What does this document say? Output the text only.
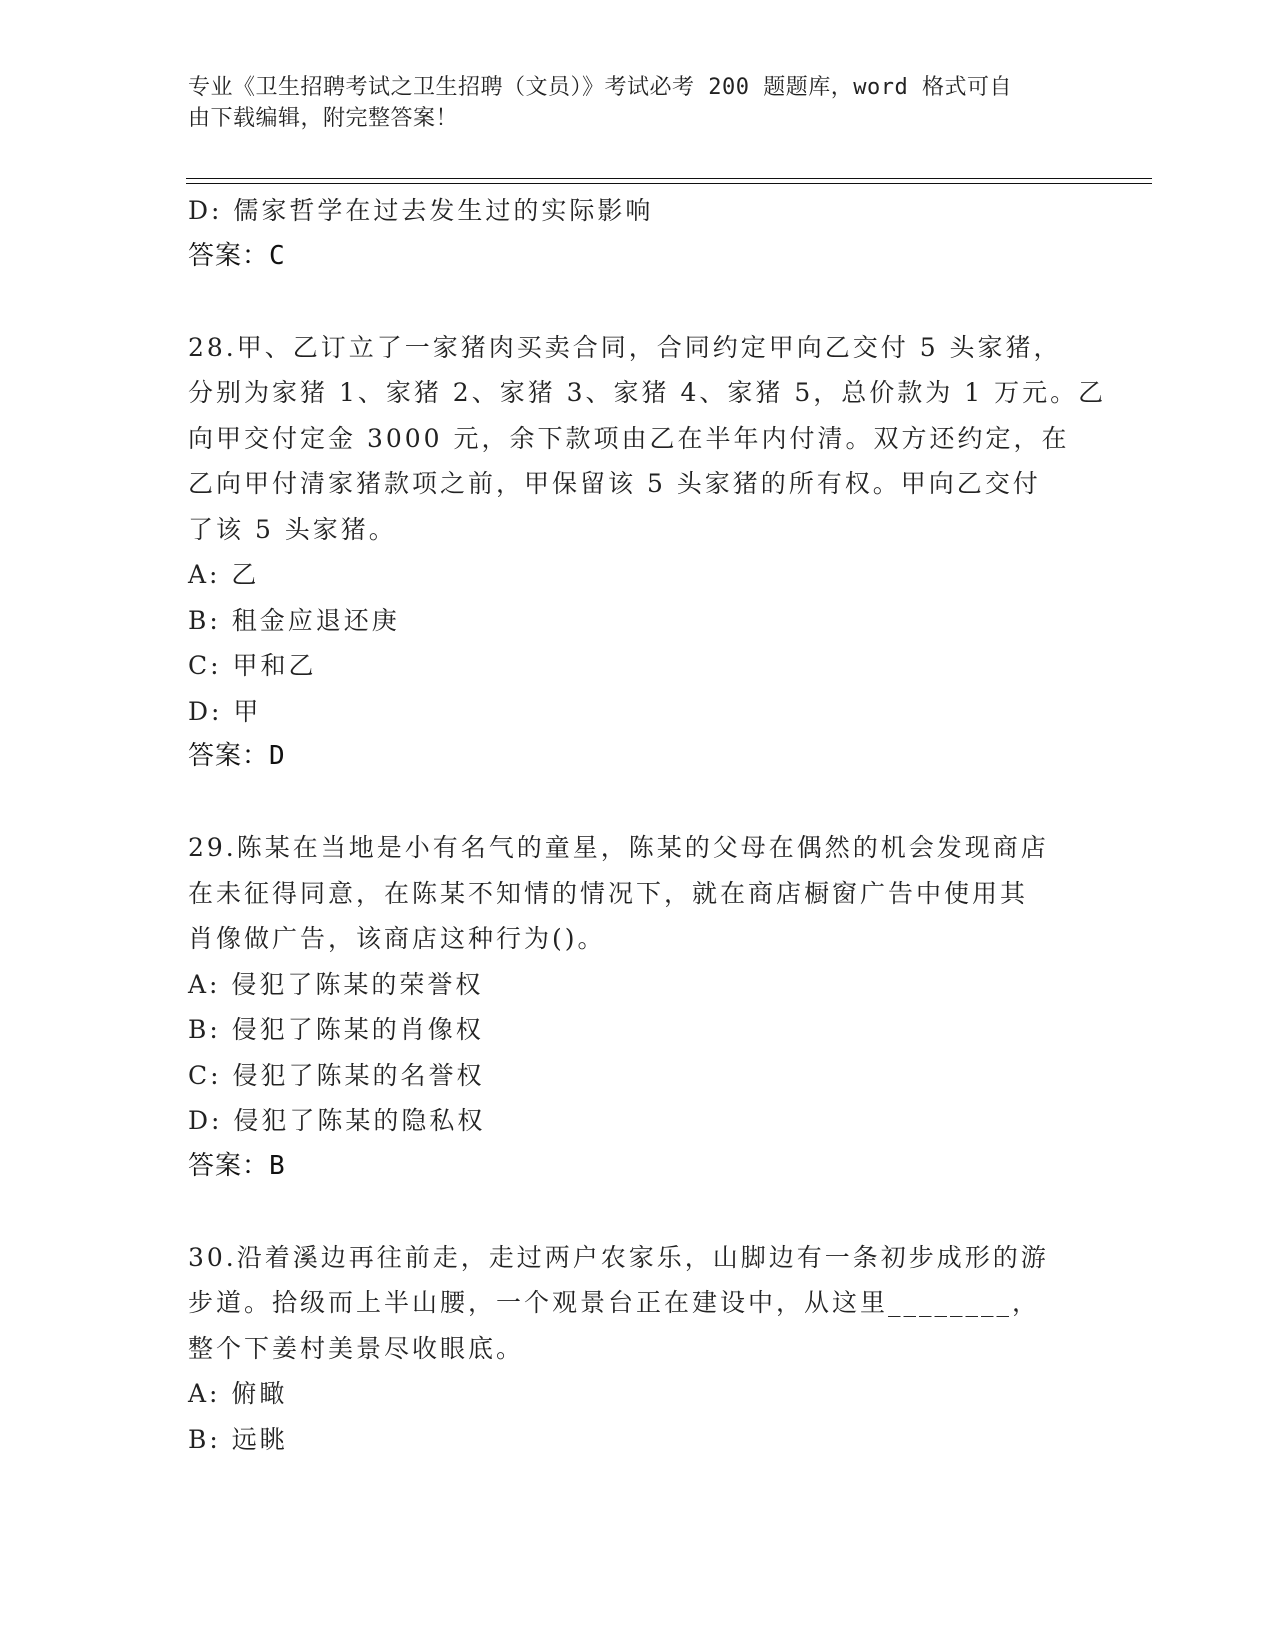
专业《卫生招聘考试之卫生招聘（文员）》考试必考 200 题题库，word 格式可自
由下载编辑，附完整答案！
D: 儒家哲学在过去发生过的实际影响
答案：C
28.甲、乙订立了一家猪肉买卖合同，合同约定甲向乙交付 5 头家猪，
分别为家猪 1、家猪 2、家猪 3、家猪 4、家猪 5，总价款为 1 万元。乙
向甲交付定金 3000 元，余下款项由乙在半年内付清。双方还约定，在
乙向甲付清家猪款项之前，甲保留该 5 头家猪的所有权。甲向乙交付
了该 5 头家猪。
A: 乙
B: 租金应退还庚
C: 甲和乙
D: 甲
答案：D
29.陈某在当地是小有名气的童星，陈某的父母在偶然的机会发现商店
在未征得同意，在陈某不知情的情况下，就在商店橱窗广告中使用其
肖像做广告，该商店这种行为()。
A: 侵犯了陈某的荣誉权
B: 侵犯了陈某的肖像权
C: 侵犯了陈某的名誉权
D: 侵犯了陈某的隐私权
答案：B
30.沿着溪边再往前走，走过两户农家乐，山脚边有一条初步成形的游
步道。拾级而上半山腰，一个观景台正在建设中，从这里________，
整个下姜村美景尽收眼底。
A: 俯瞰
B: 远眺
